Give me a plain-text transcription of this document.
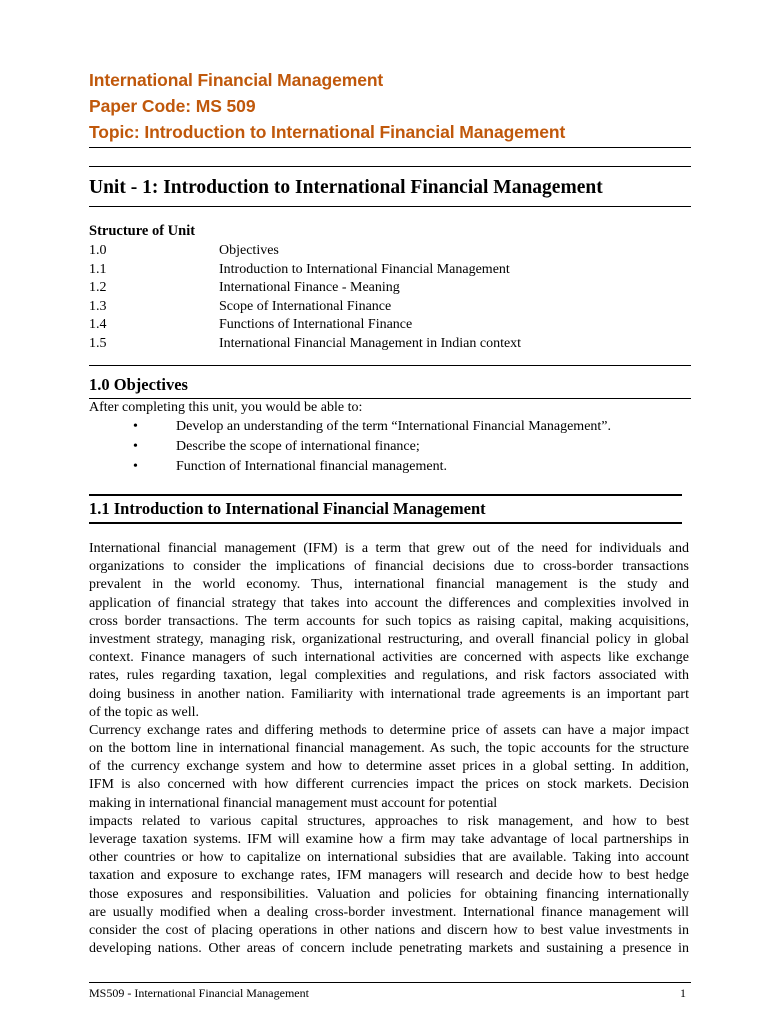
International Financial Management
Paper Code: MS 509
Topic: Introduction to International Financial Management
Unit - 1: Introduction to International Financial Management
Structure of Unit
1.0	Objectives
1.1	Introduction to International Financial Management
1.2	International Finance - Meaning
1.3	Scope of International Finance
1.4	Functions of International Finance
1.5	International Financial Management in Indian context
1.0 Objectives
After completing this unit, you would be able to:
•	Develop an understanding of the term “International Financial Management”.
•	Describe the scope of international finance;
•	Function of International financial management.
1.1 Introduction to International Financial Management
International financial management (IFM) is a term that grew out of the need for individuals and
organizations to consider the implications of financial decisions due to cross-border transactions
prevalent in the world economy. Thus, international financial management is the study and
application of financial strategy that takes into account the differences and complexities involved in
cross border transactions. The term accounts for such topics as raising capital, making acquisitions,
investment strategy, managing risk, organizational restructuring, and overall financial policy in global
context. Finance managers of such international activities are concerned with aspects like exchange
rates, rules regarding taxation, legal complexities and regulations, and risk factors associated with
doing business in another nation. Familiarity with international trade agreements is an important part
of the topic as well.
Currency exchange rates and differing methods to determine price of assets can have a major impact
on the bottom line in international financial management. As such, the topic accounts for the structure
of the currency exchange system and how to determine asset prices in a global setting. In addition,
IFM is also concerned with how different currencies impact the prices on stock markets. Decision
making in international financial management must account for potential
impacts related to various capital structures, approaches to risk management, and how to best
leverage taxation systems. IFM will examine how a firm may take advantage of local partnerships in
other countries or how to capitalize on international subsidies that are available. Taking into account
taxation and exposure to exchange rates, IFM managers will research and decide how to best hedge
those exposures and responsibilities. Valuation and policies for obtaining financing internationally
are usually modified when a dealing cross-border investment. International finance management will
consider the cost of placing operations in other nations and discern how to best value investments in
developing nations. Other areas of concern include penetrating markets and sustaining a presence in
MS509 - International Financial Management	1
